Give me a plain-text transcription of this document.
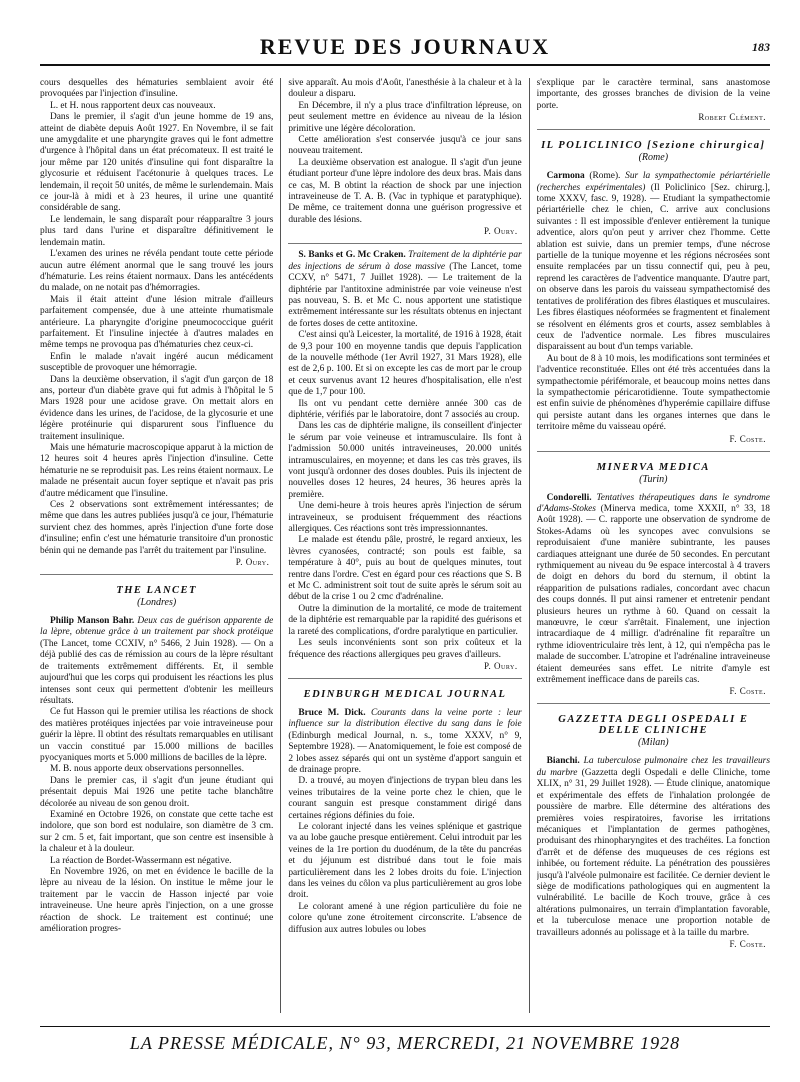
REVUE DES JOURNAUX	183

cours desquelles des hématuries semblaient avoir été provoquées par l'injection d'insuline.

L. et H. nous rapportent deux cas nouveaux.

Dans le premier, il s'agit d'un jeune homme de 19 ans, atteint de diabète depuis Août 1927. En Novembre, il se fait une amygdalite et une pharyngite graves qui le font admettre d'urgence à l'hôpital dans un état précomateux. Il est traité le jour même par 120 unités d'insuline qui font disparaître la glycosurie et réduisent l'acétonurie à quelques traces. Le lendemain, il reçoit 50 unités, de même le surlendemain. Mais ce jour-là à midi et à 23 heures, il urine une quantité considérable de sang.

Le lendemain, le sang disparaît pour réapparaître 3 jours plus tard dans l'urine et disparaître définitivement le lendemain matin.

L'examen des urines ne révéla pendant toute cette période aucun autre élément anormal que le sang trouvé les jours d'hématurie. Les reins étaient normaux. Dans les antécédents du malade, on ne notait pas d'hémorragies.

Mais il était atteint d'une lésion mitrale d'ailleurs parfaitement compensée, due à une atteinte rhumatismale antérieure. La pharyngite d'origine pneumococcique guérit parfaitement. Et l'insuline injectée à d'autres malades en même temps ne provoqua pas d'hématuries chez ceux-ci.

Enfin le malade n'avait ingéré aucun médicament susceptible de provoquer une hémorragie.

Dans la deuxième observation, il s'agit d'un garçon de 18 ans, porteur d'un diabète grave qui fut admis à l'hôpital le 5 Mars 1928 pour une acidose grave. On mettait alors en évidence dans les urines, de l'acidose, de la glycosurie et une légère protéinurie qui disparurent sous l'influence du traitement insulinique.

Mais une hématurie macroscopique apparut à la miction de 12 heures soit 4 heures après l'injection d'insuline. Cette hématurie ne se reproduisit pas. Les reins étaient normaux. Le malade ne présentait aucun foyer septique et n'avait pas pris d'autre médicament que l'insuline.

Ces 2 observations sont extrêmement intéressantes; de même que dans les autres publiées jusqu'à ce jour, l'hématurie survient chez des hommes, après l'injection d'une forte dose d'insuline; enfin c'est une hématurie transitoire d'un pronostic bénin qui ne demande pas l'arrêt du traitement par l'insuline.

P. Oury.
THE LANCET
(Londres)

Philip Manson Bahr. Deux cas de guérison apparente de la lèpre, obtenue grâce à un traitement par shock protéique (The Lancet, tome CCXIV, n° 5466, 2 Juin 1928). — On a déjà publié des cas de rémission au cours de la lèpre résultant de traitements extrêmement différents. Et, il semble aujourd'hui que les corps qui produisent les réactions les plus intenses sont ceux qui permettent d'obtenir les meilleurs résultats.

Ce fut Hasson qui le premier utilisa les réactions de shock des matières protéiques injectées par voie intraveineuse pour guérir la lèpre. Il obtint des résultats remarquables en utilisant un vaccin constitué par 15.000 millions de bacilles pyocyaniques morts et 5.000 millions de bacilles de la lèpre.

M. B. nous apporte deux observations personnelles.

Dans le premier cas, il s'agit d'un jeune étudiant qui présentait depuis Mai 1926 une petite tache blanchâtre décolorée au niveau de son genou droit.

Examiné en Octobre 1926, on constate que cette tache est indolore, que son bord est nodulaire, son diamètre de 3 cm. sur 2 cm. 5 et, fait important, que son centre est insensible à la chaleur et à la douleur.

La réaction de Bordet-Wassermann est négative.

En Novembre 1926, on met en évidence le bacille de la lèpre au niveau de la lésion. On institue le même jour le traitement par le vaccin de Hasson injecté par voie intraveineuse. Une heure après l'injection, on a une grosse réaction de shock. Le traitement est continué; une amélioration progres-

sive apparaît. Au mois d'Août, l'anesthésie à la chaleur et à la douleur a disparu.

En Décembre, il n'y a plus trace d'infiltration lépreuse, on peut seulement mettre en évidence au niveau de la lésion primitive une légère décoloration.

Cette amélioration s'est conservée jusqu'à ce jour sans nouveau traitement.

La deuxième observation est analogue. Il s'agit d'un jeune étudiant porteur d'une lèpre indolore des deux bras. Mais dans ce cas, M. B obtint la réaction de shock par une injection intraveineuse de T. A. B. (Vac in typhique et paratyphique). De même, ce traitement donna une guérison progressive et durable des lésions.

P. Oury.

S. Banks et G. Mc Craken. Traitement de la diphtérie par des injections de sérum à dose massive (The Lancet, tome CCXV, n° 5471, 7 Juillet 1928). — Le traitement de la diphtérie par l'antitoxine administrée par voie veineuse n'est pas nouveau, S. B. et Mc C. nous apportent une statistique extrêmement intéressante sur les résultats obtenus en injectant de fortes doses de cette antitoxine.

C'est ainsi qu'à Leicester, la mortalité, de 1916 à 1928, était de 9,3 pour 100 en moyenne tandis que depuis l'application de la nouvelle méthode (1er Avril 1927, 31 Mars 1928), elle est de 2,6 p. 100. Et si on excepte les cas de mort par le croup et ceux survenus avant 12 heures d'hospitalisation, elle n'est que de 1,7 pour 100.

Ils ont vu pendant cette dernière année 300 cas de diphtérie, vérifiés par le laboratoire, dont 7 associés au croup.

Dans les cas de diphtérie maligne, ils conseillent d'injecter le sérum par voie veineuse et intramusculaire. Ils font à l'admission 50.000 unités intraveineuses, 20.000 unités intramusculaires, en moyenne; et dans les cas très graves, ils vont jusqu'à ordonner des doses doubles. Puis ils injectent de nouvelles doses 12 heures, 24 heures, 36 heures après la première.

Une demi-heure à trois heures après l'injection de sérum intraveineux, se produisent fréquemment des réactions allergiques. Ces réactions sont très impressionnantes.

Le malade est étendu pâle, prostré, le regard anxieux, les lèvres cyanosées, contracté; son pouls est faible, sa température à 40°, puis au bout de quelques minutes, tout rentre dans l'ordre. C'est en égard pour ces réactions que S. B et Mc C. administrent soit tout de suite après le sérum soit au début de la crise 1 ou 2 cmc d'adrénaline.

Outre la diminution de la mortalité, ce mode de traitement de la diphtérie est remarquable par la rapidité des guérisons et la rareté des complications, d'ordre paralytique en particulier.

Les seuls inconvénients sont son prix coûteux et la fréquence des réactions allergiques peu graves d'ailleurs.

P. Oury.
EDINBURGH MEDICAL JOURNAL

Bruce M. Dick. Courants dans la veine porte : leur influence sur la distribution élective du sang dans le foie (Edinburgh medical Journal, n. s., tome XXXV, n° 9, Septembre 1928). — Anatomiquement, le foie est composé de 2 lobes assez séparés qui ont un système d'apport sanguin et de drainage propre.

D. a trouvé, au moyen d'injections de trypan bleu dans les veines tributaires de la veine porte chez le chien, que le courant sanguin est presque constamment dirigé dans certaines régions définies du foie.

Le colorant injecté dans les veines splénique et gastrique va au lobe gauche presque entièrement. Celui introduit par les veines de la 1re portion du duodénum, de la tête du pancréas et du jéjunum est distribué dans tout le foie mais particulièrement dans les 2 lobes droits du foie. L'injection dans les veines du côlon va plus particulièrement au gros lobe droit.

Le colorant amené à une région particulière du foie ne colore qu'une zone étroitement circonscrite. L'absence de diffusion aux autres lobules ou lobes

s'explique par le caractère terminal, sans anastomose importante, des grosses branches de division de la veine porte.

Robert Clément.
IL POLICLINICO [Sezione chirurgica]
(Rome)

Carmona (Rome). Sur la sympathectomie périartérielle (recherches expérimentales) (Il Policlinico [Sez. chirurg.], tome XXXV, fasc. 9, 1928). — Etudiant la sympathectomie périartérielle chez le chien, C. arrive aux conclusions suivantes : Il est impossible d'enlever entièrement la tunique adventice, alors qu'on peut y arriver chez l'homme. Cette ablation est suivie, dans un premier temps, d'une nécrose partielle de la tunique moyenne et les régions nécrosées sont ensuite remplacées par un tissu connectif qui, peu à peu, reprend les caractères de l'adventice manquante. D'autre part, on observe dans les parois du vaisseau sympathectomisé des tentatives de prolifération des fibres élastiques et musculaires. Les fibres élastiques néoformées se fragmentent et finalement se résolvent en éléments gros et courts, assez semblables à ceux de l'adventice normale. Les fibres musculaires disparaissent au bout d'un temps variable.

Au bout de 8 à 10 mois, les modifications sont terminées et l'adventice reconstituée. Elles ont été très accentuées dans la sympathectomie périfémorale, et beaucoup moins nettes dans la sympathectomie péricarotidienne. Toute sympathectomie est enfin suivie de phénomènes d'hyperémie capillaire diffuse qui persiste autant dans les organes internes que dans le territoire même du vaisseau opéré.

F. Coste.
MINERVA MEDICA
(Turin)

Condorelli. Tentatives thérapeutiques dans le syndrome d'Adams-Stokes (Minerva medica, tome XXXII, n° 33, 18 Août 1928). — C. rapporte une observation de syndrome de Stokes-Adams où les syncopes avec convulsions se reproduisaient d'une manière subintrante, les pauses cardiaques atteignant une durée de 50 secondes. En percutant rythmiquement au niveau du 9e espace intercostal à 4 travers de doigt en dehors du bord du sternum, il obtint la réapparition de pulsations radiales, concordant avec chacun des coups donnés. Il put ainsi ramener et entretenir pendant plusieurs heures un rythme à 60. Quand on cessait la manœuvre, le cœur s'arrêtait. Finalement, une injection intracardiaque de 4 milligr. d'adrénaline fit reparaître un rythme idioventriculaire très lent, à 12, qui n'empêcha pas le malade de succomber. L'atropine et l'adrénaline intraveineuse étaient demeurées sans effet. Le nitrite d'amyle est extrêmement inefficace dans de pareils cas.

F. Coste.
GAZZETTA DEGLI OSPEDALI E DELLE CLINICHE
(Milan)

Bianchi. La tuberculose pulmonaire chez les travailleurs du marbre (Gazzetta degli Ospedali e delle Cliniche, tome XLIX, n° 31, 29 Juillet 1928). — Étude clinique, anatomique et expérimentale des effets de l'inhalation prolongée de poussière de marbre. Elle détermine des altérations des premières voies respiratoires, favorise les irritations mécaniques et l'implantation de germes pathogènes, produisant des rhinopharyngites et des trachéites. La fonction d'arrêt et de défense des muqueuses de ces régions est inhibée, ou fortement réduite. La pénétration des poussières jusqu'à l'alvéole pulmonaire est facilitée. Ce dernier devient le siège de modifications pathologiques qui en augmentent la vulnérabilité. Le bacille de Koch trouve, grâce à ces altérations pulmonaires, un terrain d'implantation favorable, et la tuberculose menace une proportion notable de travailleurs adonnés au polissage et à la taille du marbre.

F. Coste.
LA PRESSE MÉDICALE, N° 93, MERCREDI, 21 NOVEMBRE 1928
